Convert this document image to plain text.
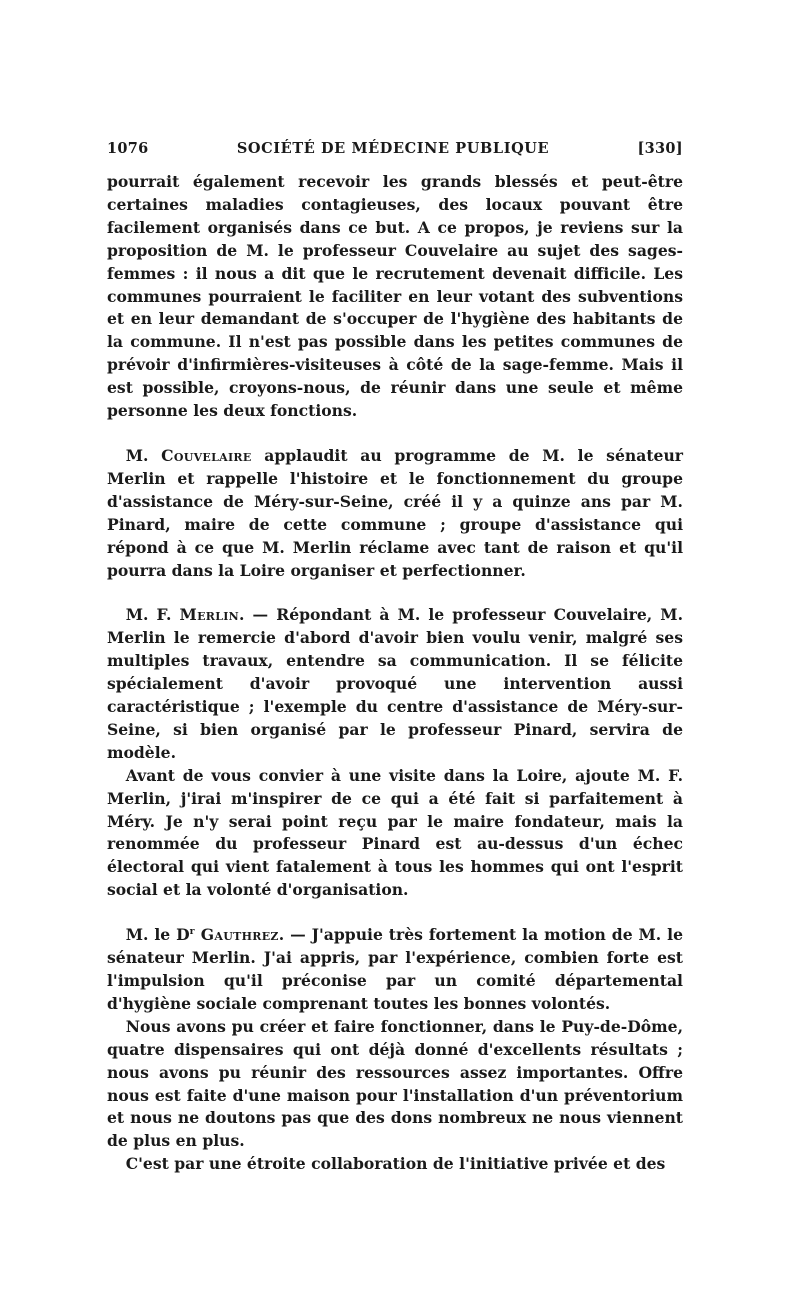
1076	SOCIÉTÉ DE MÉDECINE PUBLIQUE	[330]

pourrait également recevoir les grands blessés et peut-être certaines maladies contagieuses, des locaux pouvant être facilement organisés dans ce but. A ce propos, je reviens sur la proposition de M. le professeur Couvelaire au sujet des sages-femmes : il nous a dit que le recrutement devenait difficile. Les communes pourraient le faciliter en leur votant des subventions et en leur demandant de s'occuper de l'hygiène des habitants de la commune. Il n'est pas possible dans les petites communes de prévoir d'infirmières-visiteuses à côté de la sage-femme. Mais il est possible, croyons-nous, de réunir dans une seule et même personne les deux fonctions.

M. Couvelaire applaudit au programme de M. le sénateur Merlin et rappelle l'histoire et le fonctionnement du groupe d'assistance de Méry-sur-Seine, créé il y a quinze ans par M. Pinard, maire de cette commune ; groupe d'assistance qui répond à ce que M. Merlin réclame avec tant de raison et qu'il pourra dans la Loire organiser et perfectionner.

M. F. Merlin. — Répondant à M. le professeur Couvelaire, M. Merlin le remercie d'abord d'avoir bien voulu venir, malgré ses multiples travaux, entendre sa communication. Il se félicite spécialement d'avoir provoqué une intervention aussi caractéristique ; l'exemple du centre d'assistance de Méry-sur-Seine, si bien organisé par le professeur Pinard, servira de modèle.

Avant de vous convier à une visite dans la Loire, ajoute M. F. Merlin, j'irai m'inspirer de ce qui a été fait si parfaitement à Méry. Je n'y serai point reçu par le maire fondateur, mais la renommée du professeur Pinard est au-dessus d'un échec électoral qui vient fatalement à tous les hommes qui ont l'esprit social et la volonté d'organisation.

M. le $D^r$ Gauthrez. — J'appuie très fortement la motion de M. le sénateur Merlin. J'ai appris, par l'expérience, combien forte est l'impulsion qu'il préconise par un comité départemental d'hygiène sociale comprenant toutes les bonnes volontés.

Nous avons pu créer et faire fonctionner, dans le Puy-de-Dôme, quatre dispensaires qui ont déjà donné d'excellents résultats ; nous avons pu réunir des ressources assez importantes. Offre nous est faite d'une maison pour l'installation d'un préventorium et nous ne doutons pas que des dons nombreux ne nous viennent de plus en plus.

C'est par une étroite collaboration de l'initiative privée et des
